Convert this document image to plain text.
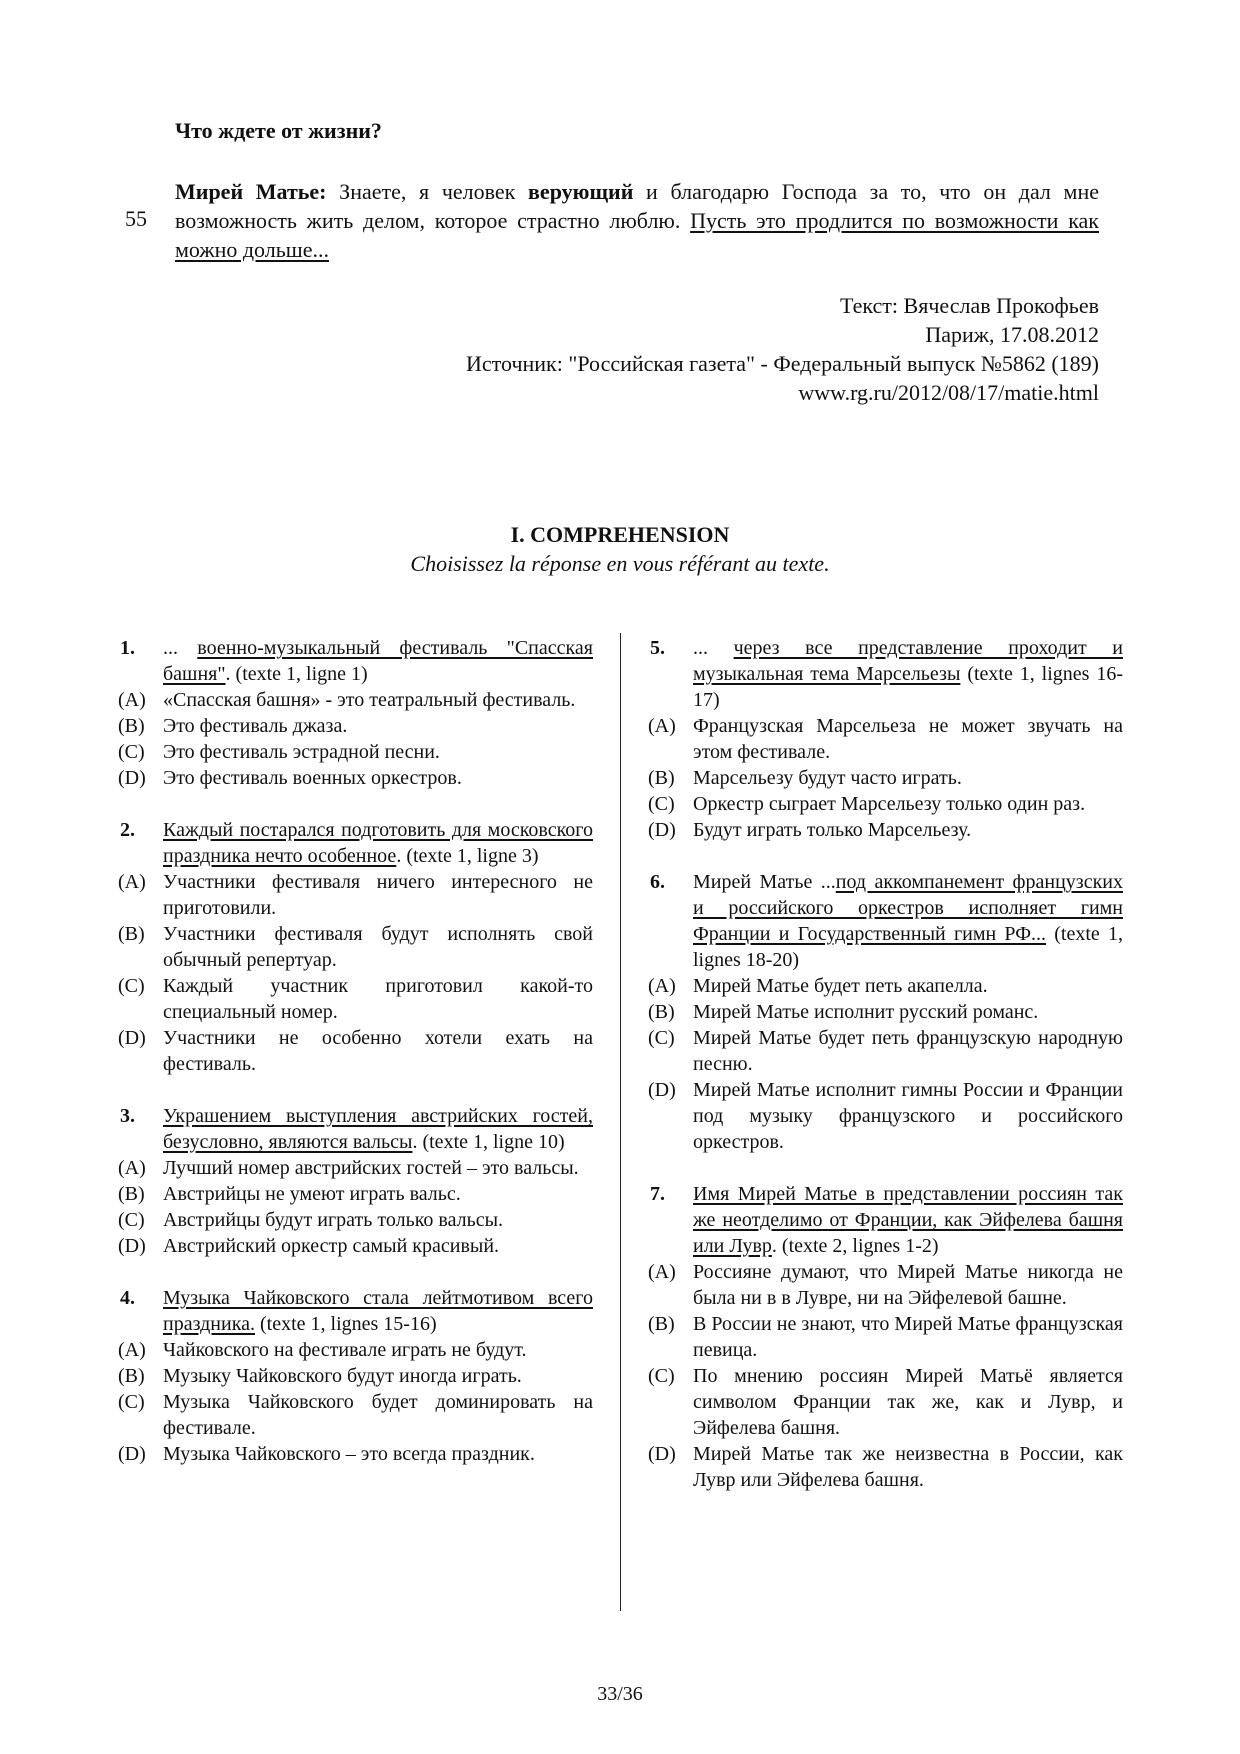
Что ждете от жизни?
55
Мирей Матье: Знаете, я человек верующий и благодарю Господа за то, что он дал мне возможность жить делом, которое страстно люблю. Пусть это продлится по возможности как можно дольше...
Текст: Вячеслав Прокофьев
Париж, 17.08.2012
Источник: "Российская газета" - Федеральный выпуск №5862 (189)
www.rg.ru/2012/08/17/matie.html
I. COMPREHENSION
Choisissez la réponse en vous référant au texte.
1.	... военно-музыкальный фестиваль "Спасская башня". (texte 1, ligne 1)
(A) «Спасская башня» - это театральный фестиваль.
(B) Это фестиваль джаза.
(C) Это фестиваль эстрадной песни.
(D) Это фестиваль военных оркестров.
2.	Каждый постарался подготовить для московского праздника нечто особенное. (texte 1, ligne 3)
(A) Участники фестиваля ничего интересного не приготовили.
(B) Участники фестиваля будут исполнять свой обычный репертуар.
(C) Каждый участник приготовил какой-то специальный номер.
(D) Участники не особенно хотели ехать на фестиваль.
3.	Украшением выступления австрийских гостей, безусловно, являются вальсы. (texte 1, ligne 10)
(A) Лучший номер австрийских гостей – это вальсы.
(B) Австрийцы не умеют играть вальс.
(C) Австрийцы будут играть только вальсы.
(D) Австрийский оркестр самый красивый.
4.	Музыка Чайковского стала лейтмотивом всего праздника. (texte 1, lignes 15-16)
(A) Чайковского на фестивале играть не будут.
(B) Музыку Чайковского будут иногда играть.
(C) Музыка Чайковского будет доминировать на фестивале.
(D) Музыка Чайковского – это всегда праздник.
5.	... через все представление проходит и музыкальная тема Марсельезы (texte 1, lignes 16-17)
(A) Французская Марсельеза не может звучать на этом фестивале.
(B) Марсельезу будут часто играть.
(C) Оркестр сыграет Марсельезу только один раз.
(D) Будут играть только Марсельезу.
6.	Мирей Матье ...под аккомпанемент французских и российского оркестров исполняет гимн Франции и Государственный гимн РФ... (texte 1, lignes 18-20)
(A) Мирей Матье будет петь акапелла.
(B) Мирей Матье исполнит русский романс.
(C) Мирей Матье будет петь французскую народную песню.
(D) Мирей Матье исполнит гимны России и Франции под музыку французского и российского оркестров.
7.	Имя Мирей Матье в представлении россиян так же неотделимо от Франции, как Эйфелева башня или Лувр. (texte 2, lignes 1-2)
(A) Россияне думают, что Мирей Матье никогда не была ни в в Лувре, ни на Эйфелевой башне.
(B) В России не знают, что Мирей Матье французская певица.
(C) По мнению россиян Мирей Матьё является символом Франции так же, как и Лувр, и Эйфелева башня.
(D) Мирей Матье так же неизвестна в России, как Лувр или Эйфелева башня.
33/36
